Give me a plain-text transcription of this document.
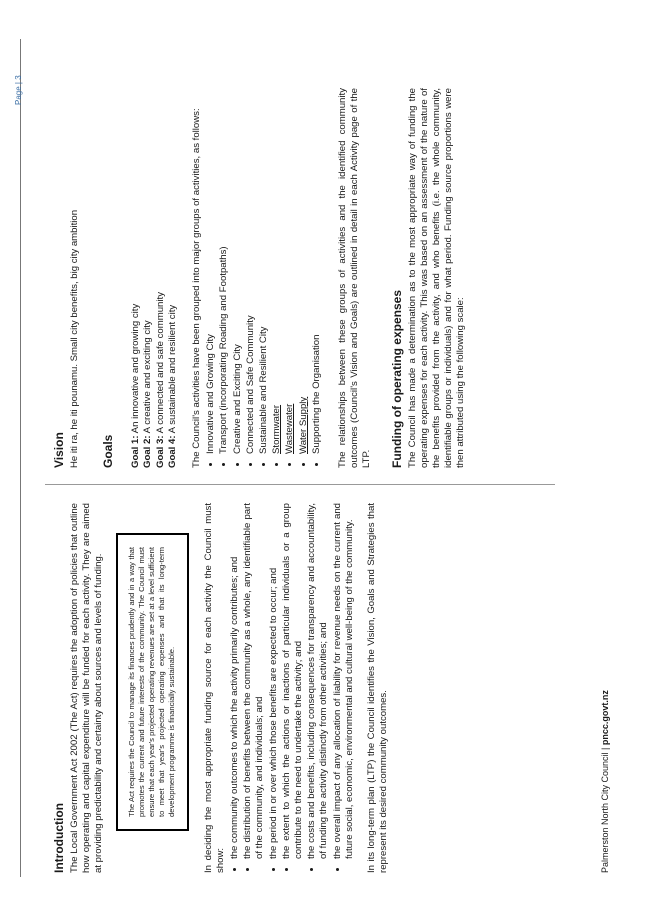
Page | 3
Introduction The Local Government Act 2002 (The Act) requires the adoption of policies that outline how operating and capital expenditure will be funded for each activity. They are aimed at providing predictability and certainty about sources and levels of funding.	The Act requires the Council to manage its finances prudently and in a way that promotes the current and future interests of the community. The Council must ensure that each year's projected operating revenues are set at a level sufficient to meet that year's projected operating expenses and that its long-term development programme is financially sustainable.	In deciding the most appropriate funding source for each activity the Council must show:

• the community outcomes to which the activity primarily contributes; and • the distribution of benefits between the community as a whole, any identifiable part of the community, and individuals; and • the period in or over which those benefits are expected to occur; and • the extent to which the actions or inactions of particular individuals or a group contribute to the need to undertake the activity; and • the costs and benefits, including consequences for transparency and accountability, of funding the activity distinctly from other activities; and • the overall impact of any allocation of liability for revenue needs on the current and future social, economic, environmental and cultural well-being of the community. In its long-term plan (LTP) the Council identifies the Vision, Goals and Strategies that represent its desired community outcomes.

Vision He iti ra, he iti pounamu. Small city benefits, big city ambition Goals Goal 1: An innovative and growing city
Goal 2: A creative and exciting city
Goal 3: A connected and safe community
Goal 4: A sustainable and resilient city The Council's activities have been grouped into major groups of activities, as follows: • Innovative and Growing City • Transport (incorporating Roading and Footpaths) • Creative and Exciting City • Connected and Safe Community • Sustainable and Resilient City • Stormwater • Wastewater • Water Supply • Supporting the Organisation The relationships between these groups of activities and the identified community outcomes (Council's Vision and Goals) are outlined in detail in each Activity page of the LTP. Funding of operating expenses The Council has made a determination as to the most appropriate way of funding the operating expenses for each activity. This was based on an assessment of the nature of the benefits provided from the activity, and who benefits (i.e. the whole community, identifiable groups or individuals) and for what period. Funding source proportions were then attributed using the following scale:

Palmerston North City Council | pncc.govt.nz
